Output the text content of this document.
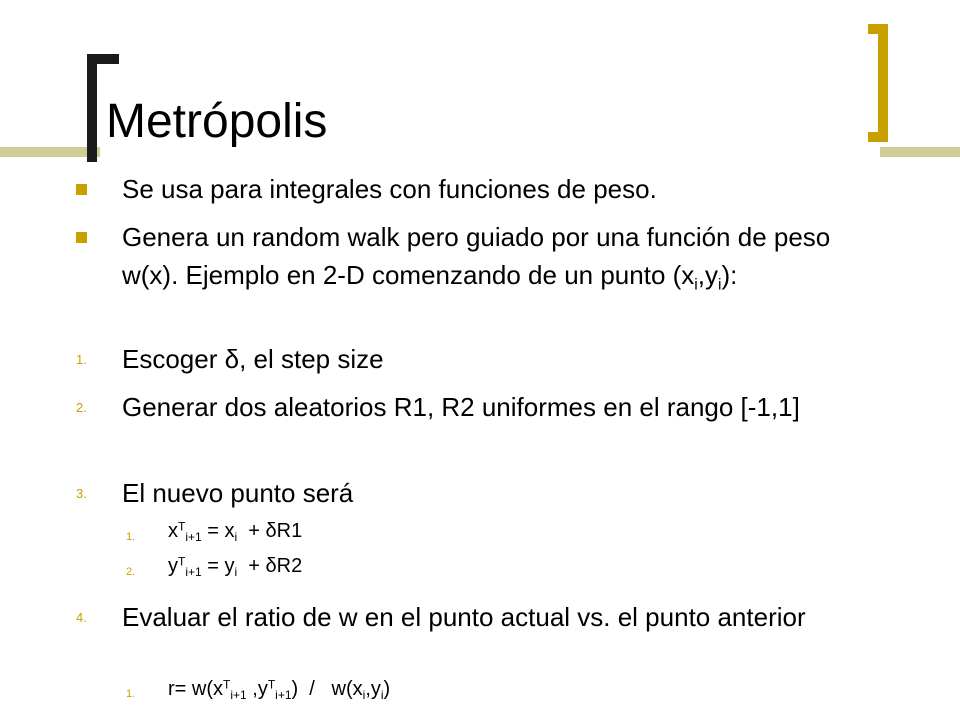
Metrópolis
Se usa para integrales con funciones de peso.
Genera un random walk pero guiado por una función de peso w(x). Ejemplo en 2-D comenzando de un punto $(x_i,y_i)$:
1. Escoger δ, el step size
2. Generar dos aleatorios R1, R2 uniformes en el rango [-1,1]
3. El nuevo punto será
1. $x^T_{i+1} = x_i + \delta R1$
2. $y^T_{i+1} = y_i + \delta R2$
4. Evaluar el ratio de w en el punto actual vs. el punto anterior
1. $r= w(x^T_{i+1}$ $,y^T_{i+1}) / w(x_i,y_i)$
